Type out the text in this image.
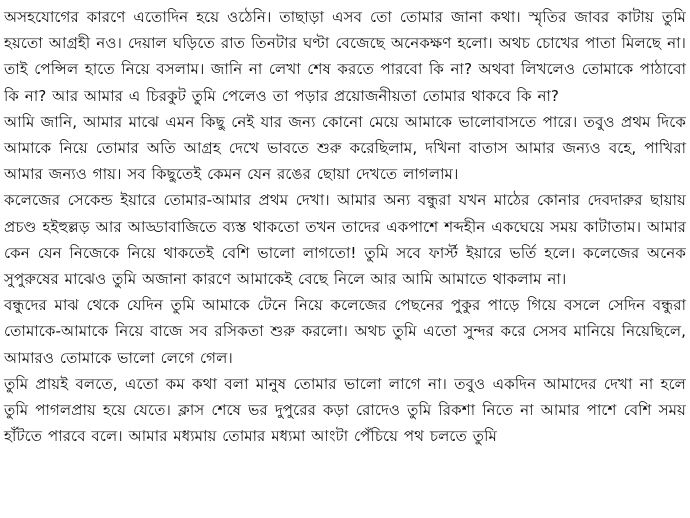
অসহযোগের কারণে এতোদিন হয়ে ওঠেনি। তাছাড়া এসব তো তোমার জানা কথা। স্মৃতির জাবর কাটায় তুমি হয়তো আগ্রহী নও। দেয়াল ঘড়িতে রাত তিনটার ঘণ্টা বেজেছে অনেকক্ষণ হলো। অথচ চোখের পাতা মিলছে না। তাই পেন্সিল হাতে নিয়ে বসলাম। জানি না লেখা শেষ করতে পারবো কি না? অথবা লিখলেও তোমাকে পাঠাবো কি না? আর আমার এ চিরকুট তুমি পেলেও তা পড়ার প্রয়োজনীয়তা তোমার থাকবে কি না?

আমি জানি, আমার মাঝে এমন কিছু নেই যার জন্য কোনো মেয়ে আমাকে ভালোবাসতে পারে। তবুও প্রথম দিকে আমাকে নিয়ে তোমার অতি আগ্রহ দেখে ভাবতে শুরু করেছিলাম, দখিনা বাতাস আমার জন্যও বহে, পাখিরা আমার জন্যও গায়। সব কিছুতেই কেমন যেন রঙের ছোয়া দেখতে লাগলাম।

কলেজের সেকেন্ড ইয়ারে তোমার-আমার প্রথম দেখা। আমার অন্য বন্ধুরা যখন মাঠের কোনার দেবদারুর ছায়ায় প্রচণ্ড হইহুল্লড় আর আড্ডাবাজিতে ব্যস্ত থাকতো তখন তাদের একপাশে শব্দহীন একঘেয়ে সময় কাটাতাম। আমার কেন যেন নিজেকে নিয়ে থাকতেই বেশি ভালো লাগতো! তুমি সবে ফার্স্ট ইয়ারে ভর্তি হলে। কলেজের অনেক সুপুরুষের মাঝেও তুমি অজানা কারণে আমাকেই বেছে নিলে আর আমি আমাতে থাকলাম না।

বন্ধুদের মাঝ থেকে যেদিন তুমি আমাকে টেনে নিয়ে কলেজের পেছনের পুকুর পাড়ে গিয়ে বসলে সেদিন বন্ধুরা তোমাকে-আমাকে নিয়ে বাজে সব রসিকতা শুরু করলো। অথচ তুমি এতো সুন্দর করে সেসব মানিয়ে নিয়েছিলে, আমারও তোমাকে ভালো লেগে গেল।

তুমি প্রায়ই বলতে, এতো কম কথা বলা মানুষ তোমার ভালো লাগে না। তবুও একদিন আমাদের দেখা না হলে তুমি পাগলপ্রায় হয়ে যেতে। ক্লাস শেষে ভর দুপুরের কড়া রোদেও তুমি রিকশা নিতে না আমার পাশে বেশি সময় হাঁটতে পারবে বলে। আমার মধ্যমায় তোমার মধ্যমা আংটা পেঁচিয়ে পথ চলতে তুমি
